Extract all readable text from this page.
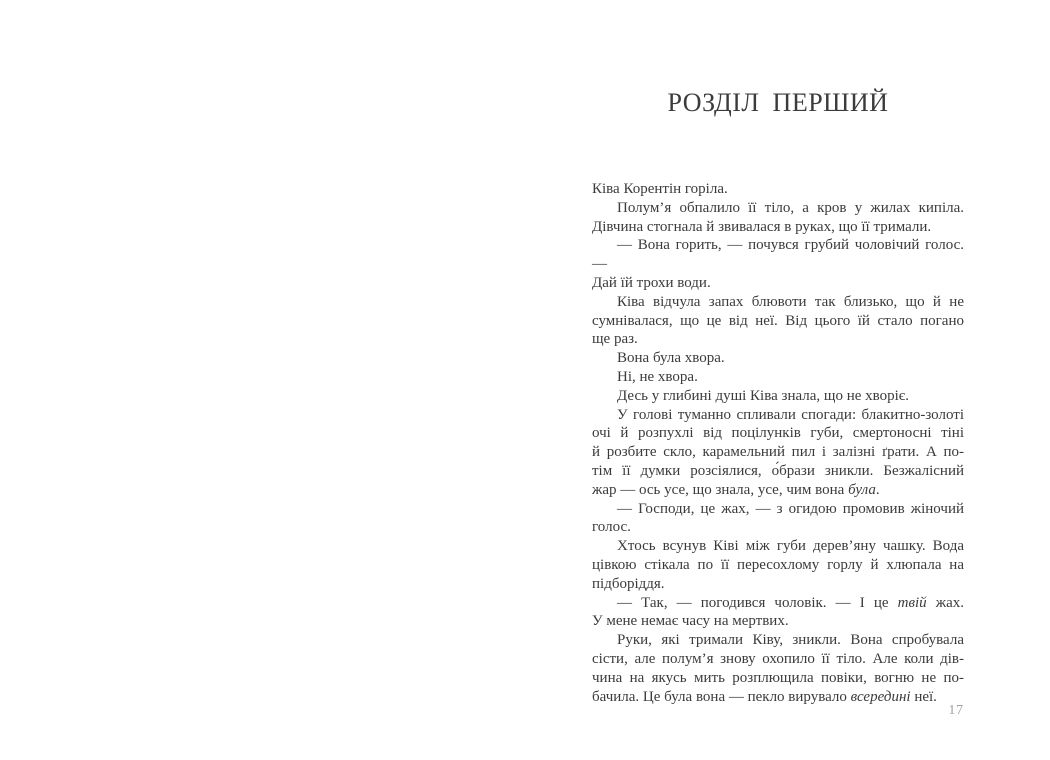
РОЗДІЛ ПЕРШИЙ
Ківа Корентін горіла.
Полум’я обпалило її тіло, а кров у жилах кипіла.
Дівчина стогнала й звивалася в руках, що її тримали.
— Вона горить, — почувся грубий чоловічий голос. —
Дай їй трохи води.
Ківа відчула запах блювоти так близько, що й не
сумнівалася, що це від неї. Від цього їй стало погано
ще раз.
Вона була хвора.
Ні, не хвора.
Десь у глибині душі Ківа знала, що не хворіє.
У голові туманно спливали спогади: блакитно-золоті
очі й розпухлі від поцілунків губи, смертоносні тіні
й розбите скло, карамельний пил і залізні ґрати. А по-
тім її думки розсіялися, о́брази зникли. Безжалісний
жар — ось усе, що знала, усе, чим вона була.
— Господи, це жах, — з огидою промовив жіночий
голос.
Хтось всунув Ківі між губи дерев’яну чашку. Вода
цівкою стікала по її пересохлому горлу й хлюпала на
підборіддя.
— Так, — погодився чоловік. — І це твій жах.
У мене немає часу на мертвих.
Руки, які тримали Ківу, зникли. Вона спробувала
сісти, але полум’я знову охопило її тіло. Але коли дів-
чина на якусь мить розплющила повіки, вогню не по-
бачила. Це була вона — пекло вирувало всередині неї.
17
